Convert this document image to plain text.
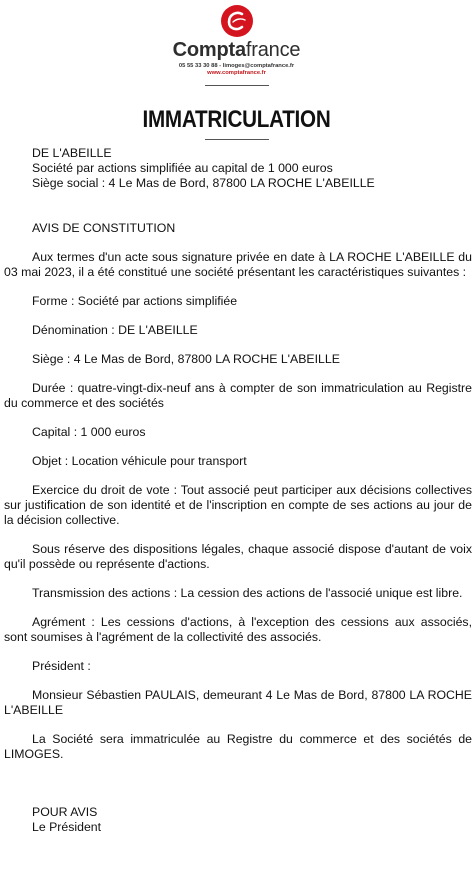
Comptafrance
05 55 33 30 88 - limoges@comptafrance.fr
www.comptafrance.fr
IMMATRICULATION

DE L'ABEILLE

Société par actions simplifiée au capital de 1 000 euros

Siège social : 4 Le Mas de Bord, 87800 LA ROCHE L'ABEILLE

AVIS DE CONSTITUTION

Aux termes d'un acte sous signature privée en date à LA ROCHE L'ABEILLE du 03 mai 2023, il a été constitué une société présentant les caractéristiques suivantes :

Forme : Société par actions simplifiée

Dénomination : DE L'ABEILLE

Siège : 4 Le Mas de Bord, 87800 LA ROCHE L'ABEILLE

Durée : quatre-vingt-dix-neuf ans à compter de son immatriculation au Registre du commerce et des sociétés

Capital : 1 000 euros

Objet : Location véhicule pour transport

Exercice du droit de vote : Tout associé peut participer aux décisions collectives sur justification de son identité et de l'inscription en compte de ses actions au jour de la décision collective.

Sous réserve des dispositions légales, chaque associé dispose d'autant de voix qu'il possède ou représente d'actions.

Transmission des actions : La cession des actions de l'associé unique est libre.

Agrément : Les cessions d'actions, à l'exception des cessions aux associés, sont soumises à l'agrément de la collectivité des associés.

Président :

Monsieur Sébastien PAULAIS, demeurant 4 Le Mas de Bord, 87800 LA ROCHE L'ABEILLE

La Société sera immatriculée au Registre du commerce et des sociétés de LIMOGES.

POUR AVIS

Le Président
